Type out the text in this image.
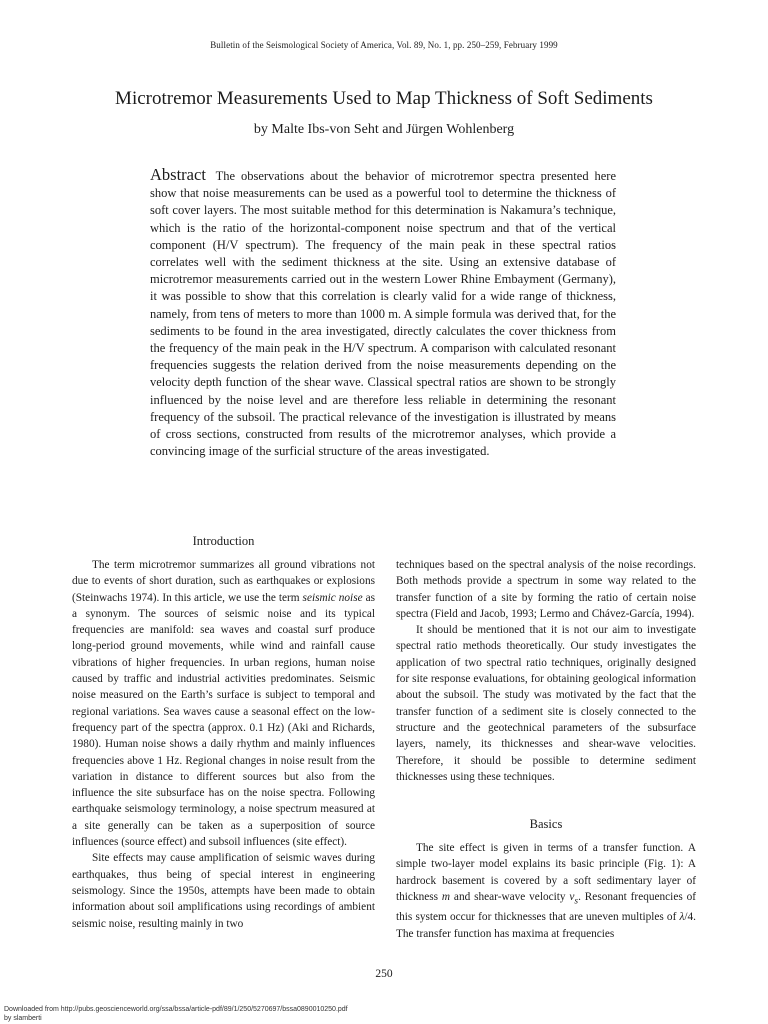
Bulletin of the Seismological Society of America, Vol. 89, No. 1, pp. 250–259, February 1999
Microtremor Measurements Used to Map Thickness of Soft Sediments
by Malte Ibs-von Seht and Jürgen Wohlenberg
Abstract The observations about the behavior of microtremor spectra presented here show that noise measurements can be used as a powerful tool to determine the thickness of soft cover layers. The most suitable method for this determination is Nakamura’s technique, which is the ratio of the horizontal-component noise spectrum and that of the vertical component (H/V spectrum). The frequency of the main peak in these spectral ratios correlates well with the sediment thickness at the site. Using an extensive database of microtremor measurements carried out in the western Lower Rhine Embayment (Germany), it was possible to show that this correlation is clearly valid for a wide range of thickness, namely, from tens of meters to more than 1000 m. A simple formula was derived that, for the sediments to be found in the area investigated, directly calculates the cover thickness from the frequency of the main peak in the H/V spectrum. A comparison with calculated resonant frequencies suggests the relation derived from the noise measurements depending on the velocity depth function of the shear wave. Classical spectral ratios are shown to be strongly influenced by the noise level and are therefore less reliable in determining the resonant frequency of the subsoil. The practical relevance of the investigation is illustrated by means of cross sections, constructed from results of the microtremor analyses, which provide a convincing image of the surficial structure of the areas investigated.
Introduction

The term microtremor summarizes all ground vibrations not due to events of short duration, such as earthquakes or explosions (Steinwachs 1974). In this article, we use the term seismic noise as a synonym. The sources of seismic noise and its typical frequencies are manifold: sea waves and coastal surf produce long-period ground movements, while wind and rainfall cause vibrations of higher frequencies. In urban regions, human noise caused by traffic and industrial activities predominates. Seismic noise measured on the Earth’s surface is subject to temporal and regional variations. Sea waves cause a seasonal effect on the low-frequency part of the spectra (approx. 0.1 Hz) (Aki and Richards, 1980). Human noise shows a daily rhythm and mainly influences frequencies above 1 Hz. Regional changes in noise result from the variation in distance to different sources but also from the influence the site subsurface has on the noise spectra. Following earthquake seismology terminology, a noise spectrum measured at a site generally can be taken as a superposition of source influences (source effect) and subsoil influences (site effect).

Site effects may cause amplification of seismic waves during earthquakes, thus being of special interest in engineering seismology. Since the 1950s, attempts have been made to obtain information about soil amplifications using recordings of ambient seismic noise, resulting mainly in two

techniques based on the spectral analysis of the noise recordings. Both methods provide a spectrum in some way related to the transfer function of a site by forming the ratio of certain noise spectra (Field and Jacob, 1993; Lermo and Chávez-García, 1994).

It should be mentioned that it is not our aim to investigate spectral ratio methods theoretically. Our study investigates the application of two spectral ratio techniques, originally designed for site response evaluations, for obtaining geological information about the subsoil. The study was motivated by the fact that the transfer function of a sediment site is closely connected to the structure and the geotechnical parameters of the subsurface layers, namely, its thicknesses and shear-wave velocities. Therefore, it should be possible to determine sediment thicknesses using these techniques.

Basics

The site effect is given in terms of a transfer function. A simple two-layer model explains its basic principle (Fig. 1): A hardrock basement is covered by a soft sedimentary layer of thickness m and shear-wave velocity $v_s$. Resonant frequencies of this system occur for thicknesses that are uneven multiples of λ/4. The transfer function has maxima at frequencies

250
Downloaded from http://pubs.geoscienceworld.org/ssa/bssa/article-pdf/89/1/250/5270697/bssa0890010250.pdf
by slamberti
